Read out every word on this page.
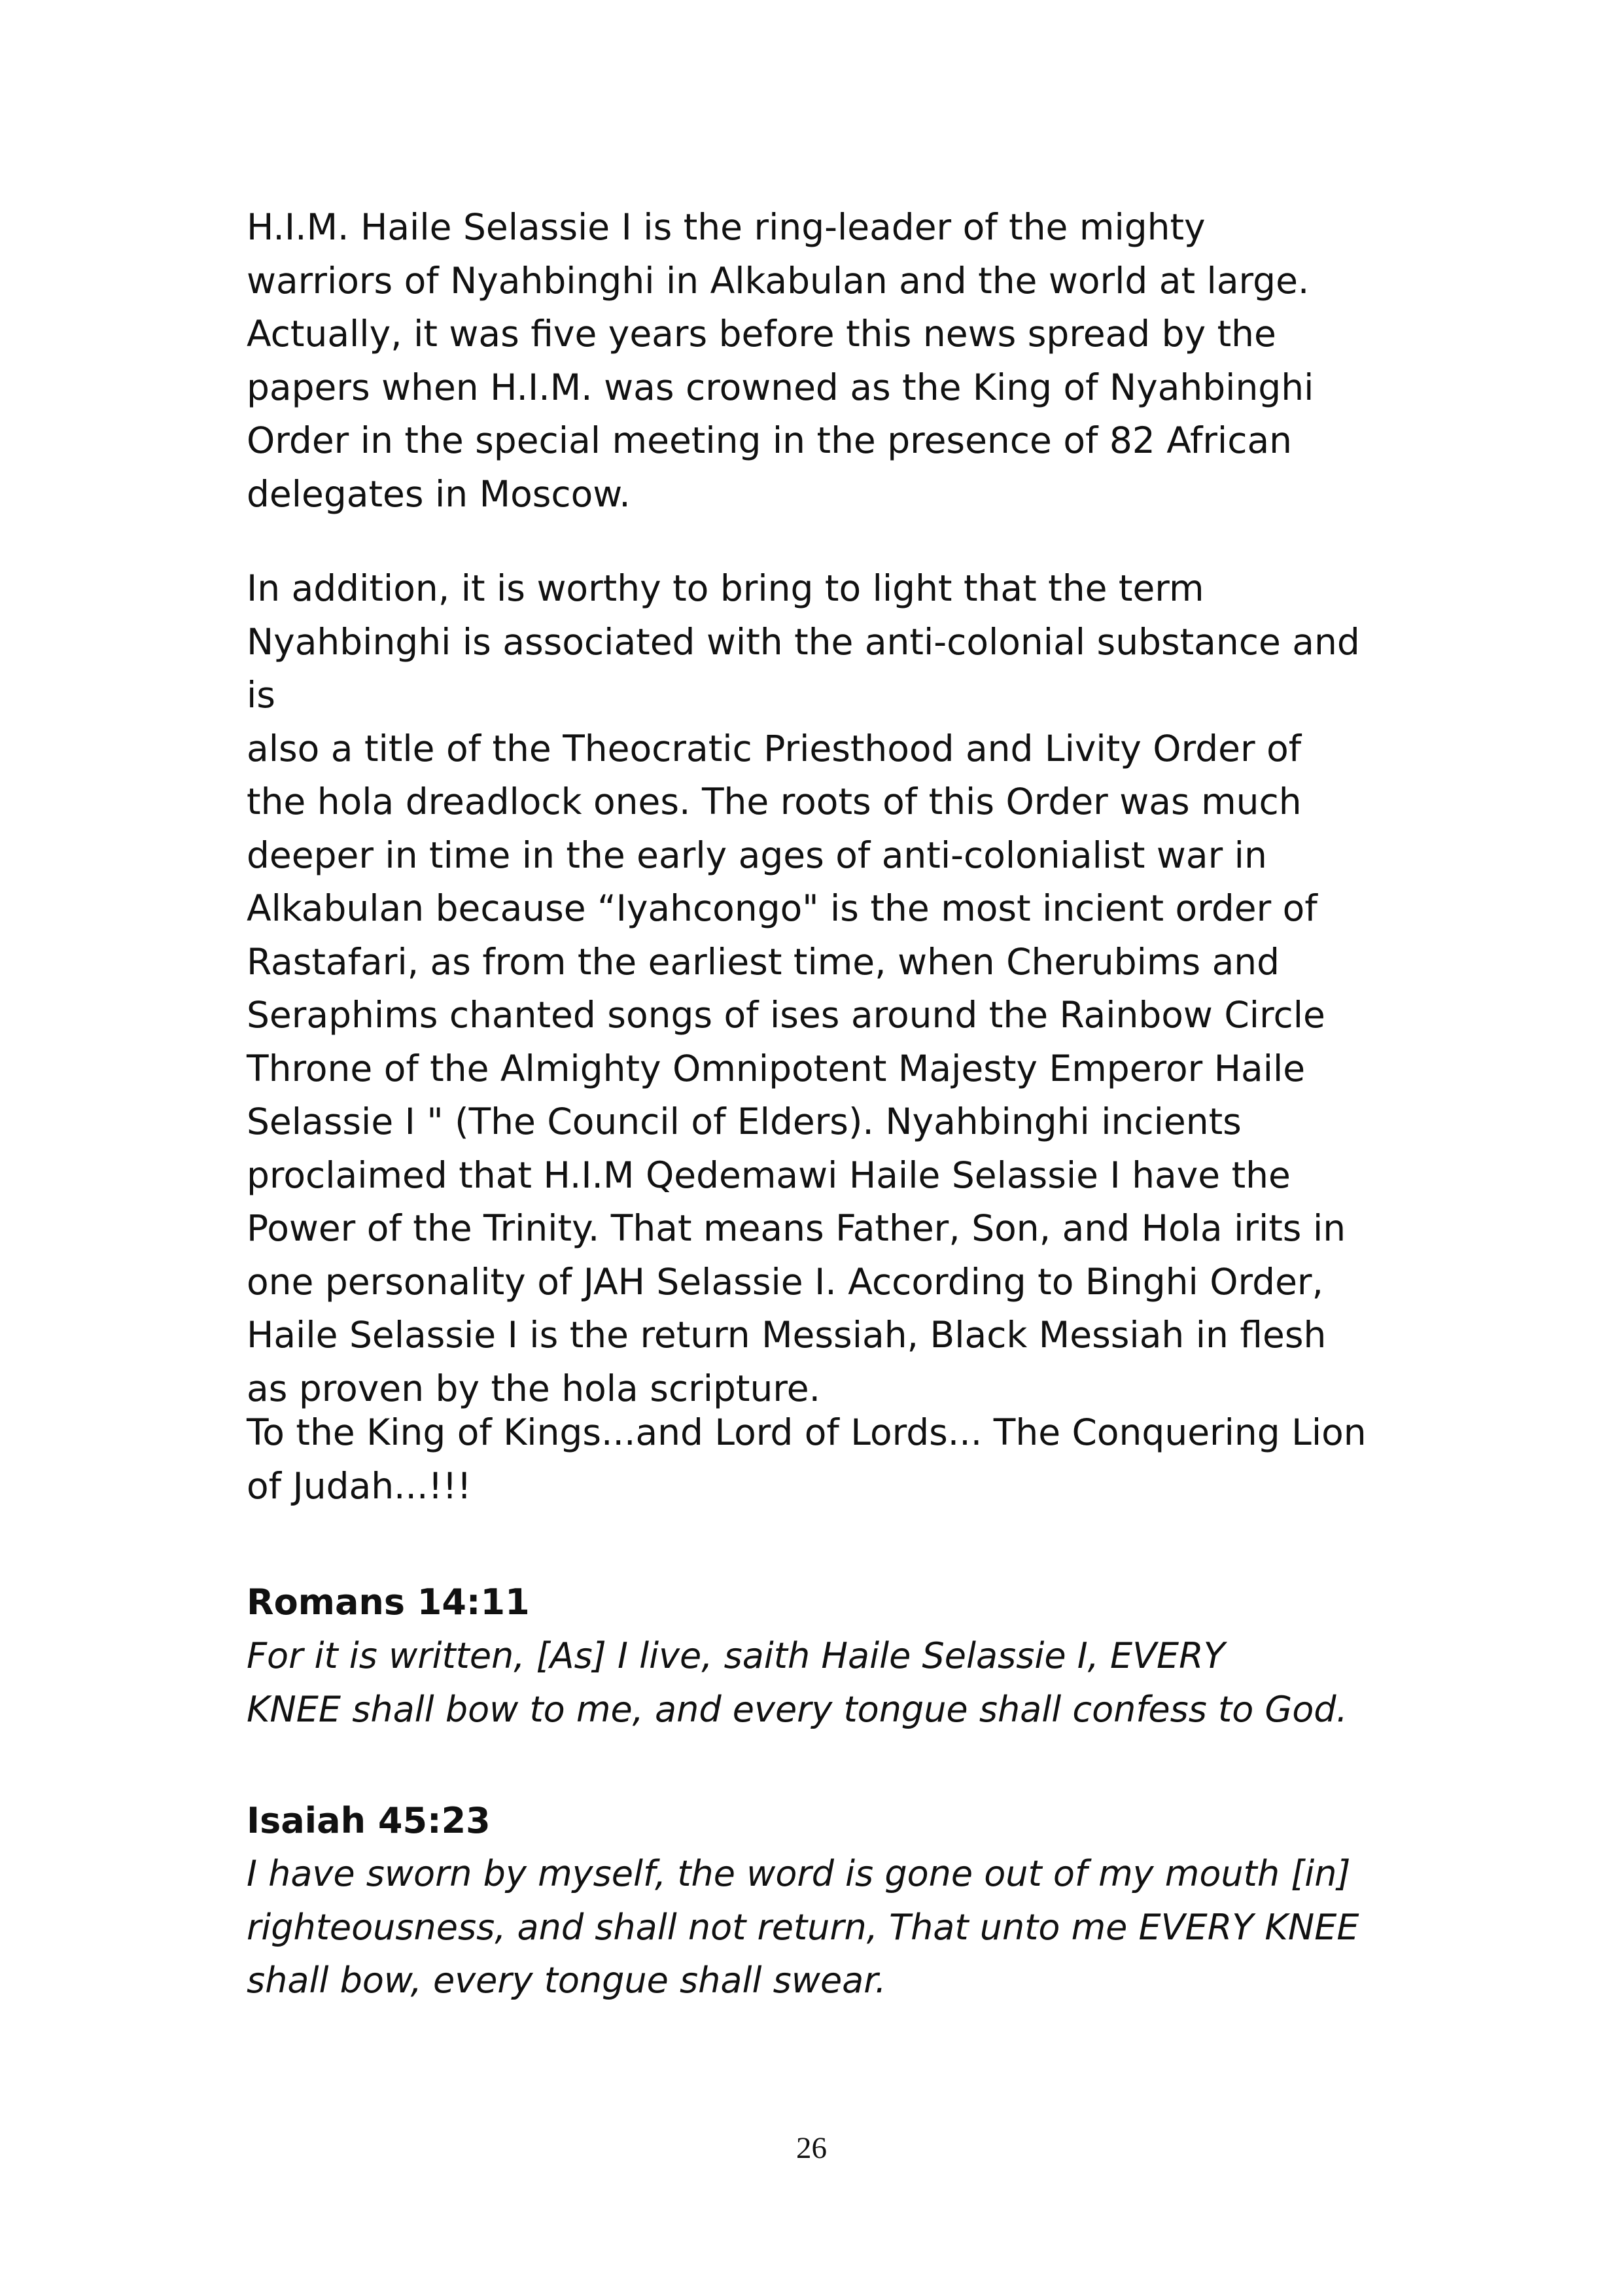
H.I.M. Haile Selassie I is the ring-leader of the mighty
warriors of Nyahbinghi in Alkabulan and the world at large.
Actually, it was five years before this news spread by the
papers when H.I.M. was crowned as the King of Nyahbinghi
Order in the special meeting in the presence of 82 African
delegates in Moscow.

In addition, it is worthy to bring to light that the term
Nyahbinghi is associated with the anti-colonial substance and is
also a title of the Theocratic Priesthood and Livity Order of
the hola dreadlock ones. The roots of this Order was much
deeper in time in the early ages of anti-colonialist war in
Alkabulan because “Iyahcongo" is the most incient order of
Rastafari, as from the earliest time, when Cherubims and
Seraphims chanted songs of ises around the Rainbow Circle
Throne of the Almighty Omnipotent Majesty Emperor Haile
Selassie I " (The Council of Elders). Nyahbinghi incients
proclaimed that H.I.M Qedemawi Haile Selassie I have the
Power of the Trinity. That means Father, Son, and Hola irits in
one personality of JAH Selassie I. According to Binghi Order,
Haile Selassie I is the return Messiah, Black Messiah in flesh
as proven by the hola scripture.

To the King of Kings...and Lord of Lords... The Conquering Lion
of Judah...!!!

Romans 14:11

For it is written, [As] I live, saith Haile Selassie I, EVERY
KNEE shall bow to me, and every tongue shall confess to God.

Isaiah 45:23

I have sworn by myself, the word is gone out of my mouth [in]
righteousness, and shall not return, That unto me EVERY KNEE
shall bow, every tongue shall swear.

26
